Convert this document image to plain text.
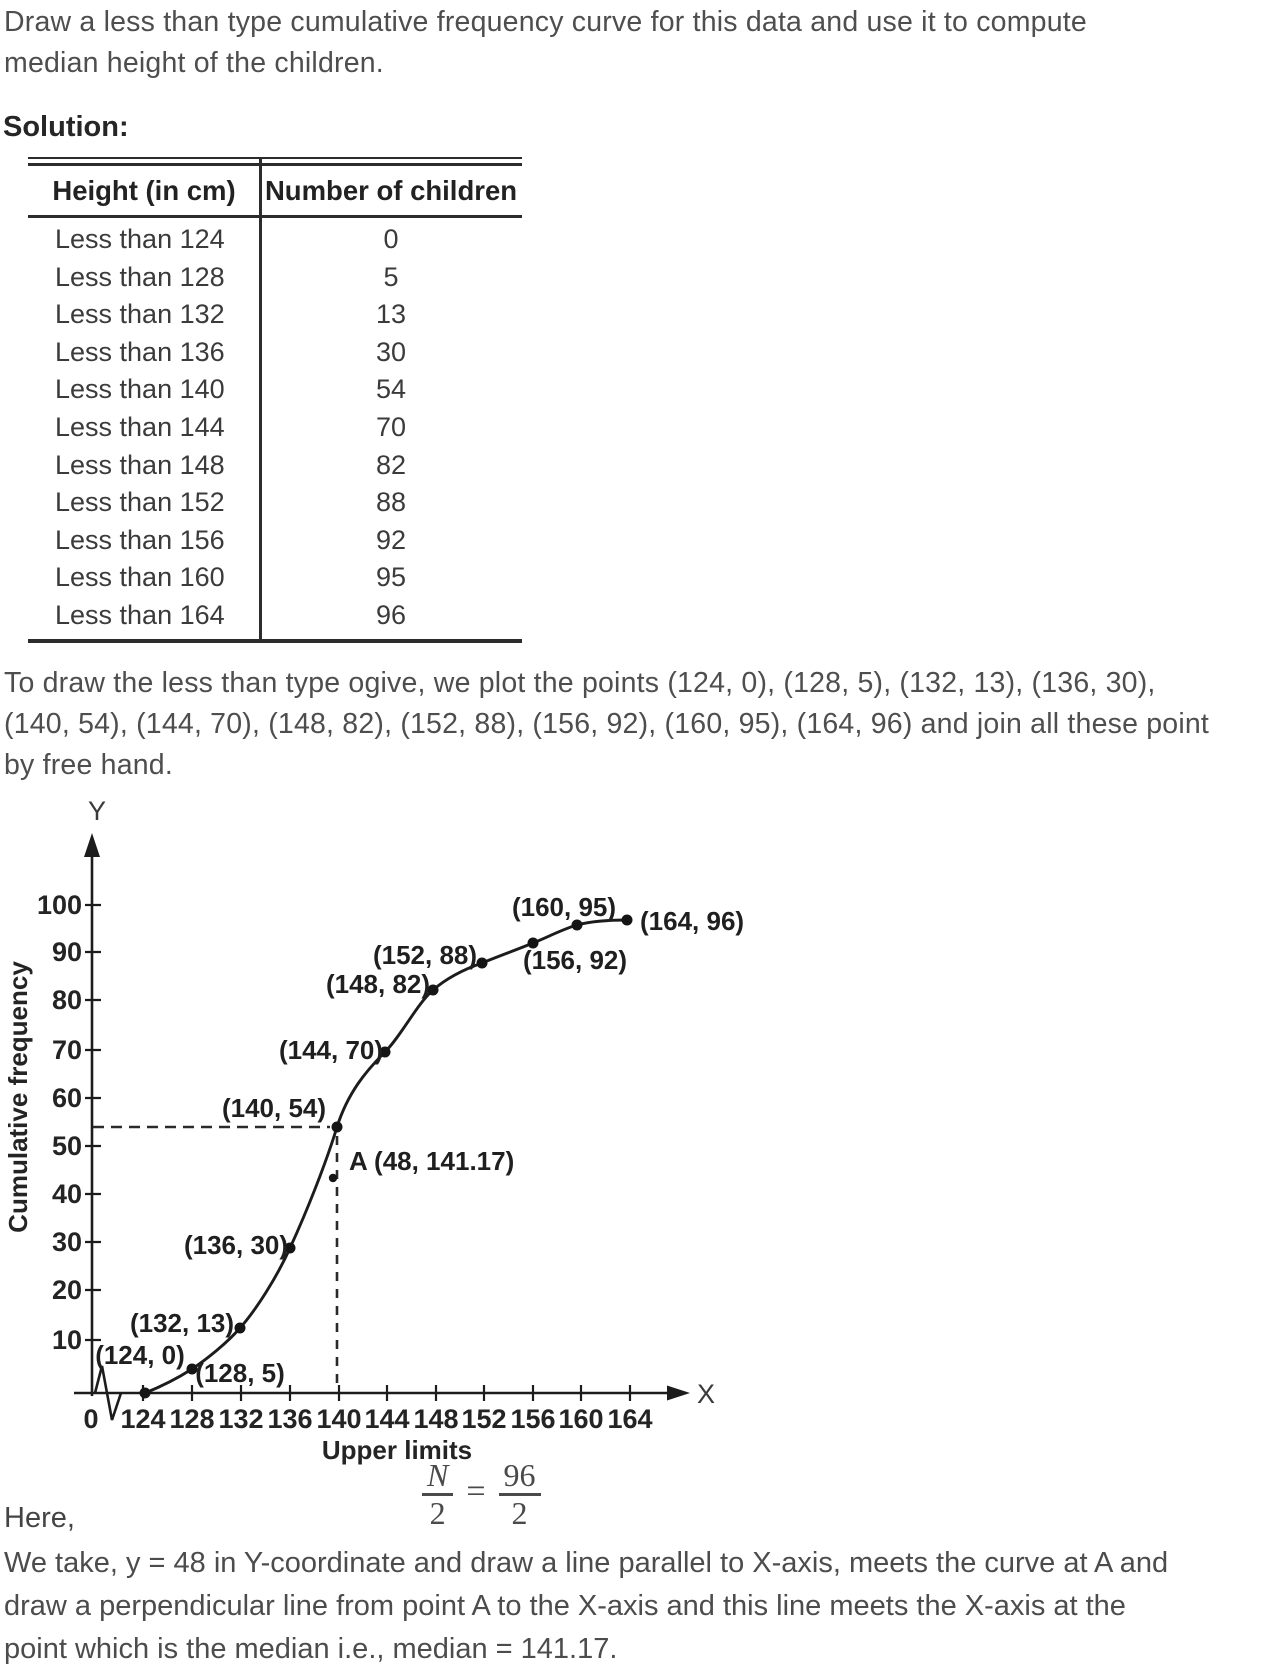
Draw a less than type cumulative frequency curve for this data and use it to compute
median height of the children.
Solution:
Height (in cm)	Number of children
Less than 124	0
Less than 128	5
Less than 132	13
Less than 136	30
Less than 140	54
Less than 144	70
Less than 148	82
Less than 152	88
Less than 156	92
Less than 160	95
Less than 164	96
To draw the less than type ogive, we plot the points (124, 0), (128, 5), (132, 13), (136, 30),
(140, 54), (144, 70), (148, 82), (152, 88), (156, 92), (160, 95), (164, 96) and join all these point
by free hand.
100
90
80
70
60
50
40
30
20
10
0 124 128 132 136 140 144 148 152 156 160 164
(124, 0)
(128, 5)
(132, 13)
(136, 30)
(140, 54)
(144, 70)
(148, 82)
(152, 88) (156, 92)
(160, 95) (164, 96)
A (48, 141.17)
Y
X
Cumulative frequency
Upper limits
Here,	$\frac{N}{2} = \frac{96}{2}$
We take, y = 48 in Y-coordinate and draw a line parallel to X-axis, meets the curve at A and
draw a perpendicular line from point A to the X-axis and this line meets the X-axis at the
point which is the median i.e., median = 141.17.
